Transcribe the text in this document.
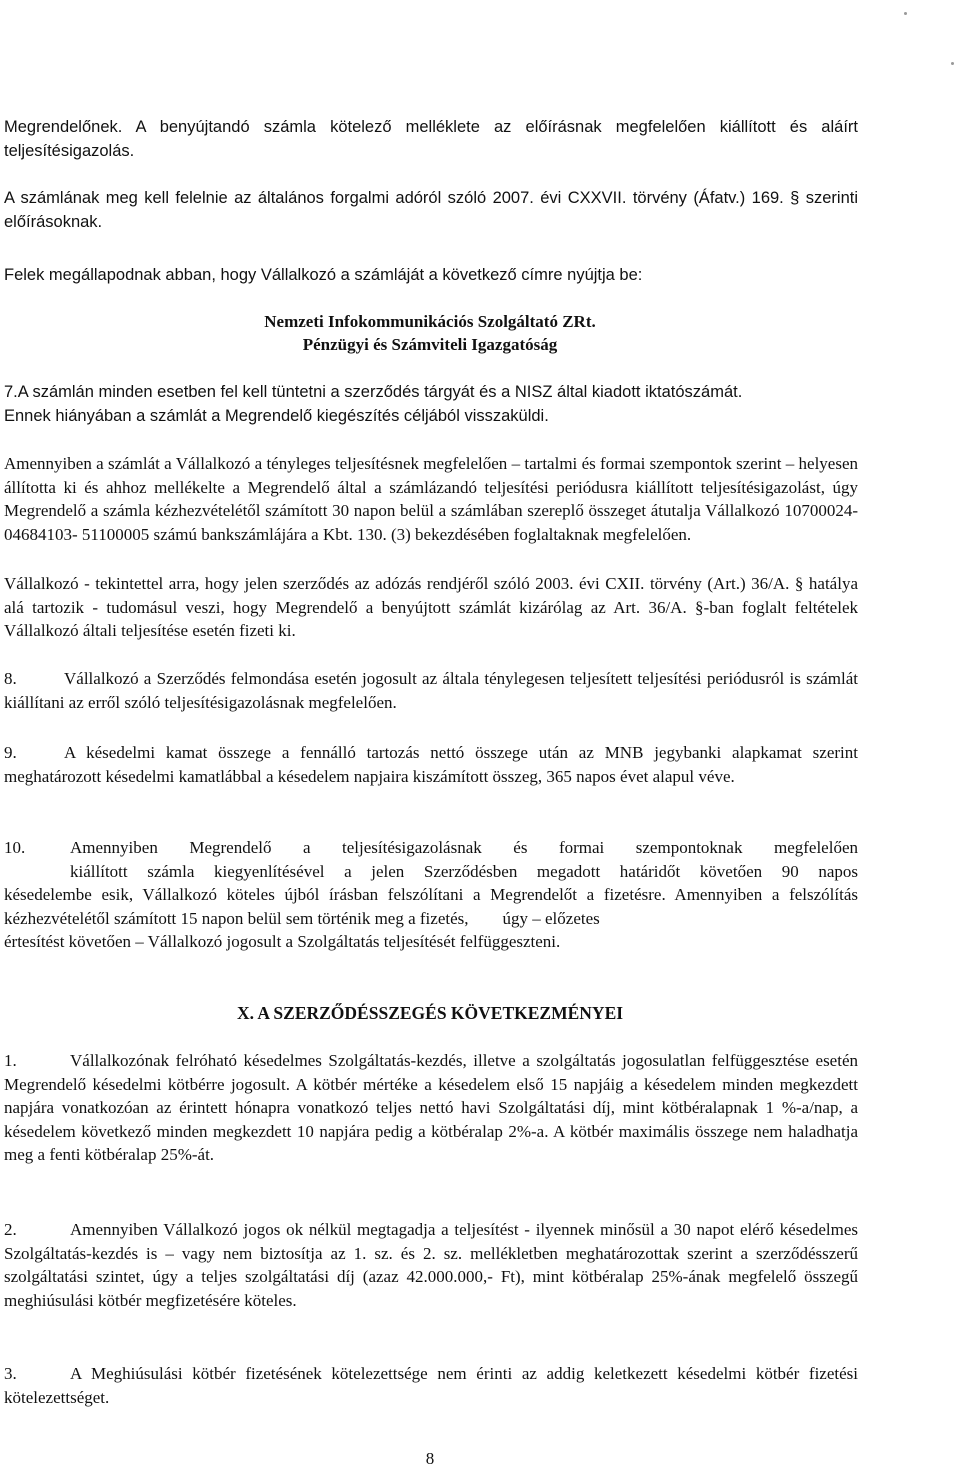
Megrendelőnek. A benyújtandó számla kötelező melléklete az előírásnak megfelelően kiállított és aláírt teljesítésigazolás.

A számlának meg kell felelnie az általános forgalmi adóról szóló 2007. évi CXXVII. törvény (Áfatv.) 169. § szerinti előírásoknak.

Felek megállapodnak abban, hogy Vállalkozó a számláját a következő címre nyújtja be:

Nemzeti Infokommunikációs Szolgáltató ZRt.
Pénzügyi és Számviteli Igazgatóság
7.A számlán minden esetben fel kell tüntetni a szerződés tárgyát és a NISZ által kiadott iktatószámát.
Ennek hiányában a számlát a Megrendelő kiegészítés céljából visszaküldi.

Amennyiben a számlát a Vállalkozó a tényleges teljesítésnek megfelelően – tartalmi és formai szempontok szerint – helyesen állította ki és ahhoz mellékelte a Megrendelő által a számlázandó teljesítési periódusra kiállított teljesítésigazolást, úgy Megrendelő a számla kézhezvételétől számított 30 napon belül a számlában szereplő összeget átutalja Vállalkozó 10700024-04684103- 51100005 számú bankszámlájára a Kbt. 130. (3) bekezdésében foglaltaknak megfelelően.

Vállalkozó - tekintettel arra, hogy jelen szerződés az adózás rendjéről szóló 2003. évi CXII. törvény (Art.) 36/A. § hatálya alá tartozik - tudomásul veszi, hogy Megrendelő a benyújtott számlát kizárólag az Art. 36/A. §-ban foglalt feltételek Vállalkozó általi teljesítése esetén fizeti ki.

8.	Vállalkozó a Szerződés felmondása esetén jogosult az általa ténylegesen teljesített teljesítési periódusról is számlát kiállítani az erről szóló teljesítésigazolásnak megfelelően.

9.	A késedelmi kamat összege a fennálló tartozás nettó összege után az MNB jegybanki alapkamat szerint meghatározott késedelmi kamatlábbal a késedelem napjaira kiszámított összeg, 365 napos évet alapul véve.

10.	Amennyiben Megrendelő a teljesítésigazolásnak és formai szempontoknak megfelelően
kiállított számla kiegyenlítésével a jelen Szerződésben megadott határidőt követően 90 napos
késedelembe esik, Vállalkozó köteles újból írásban felszólítani a Megrendelőt a fizetésre. Amennyiben a felszólítás kézhezvételétől számított 15 napon belül sem történik meg a fizetés, úgy – előzetes
értesítést követően – Vállalkozó jogosult a Szolgáltatás teljesítését felfüggeszteni.
X. A SZERZŐDÉSSZEGÉS KÖVETKEZMÉNYEI

1.	Vállalkozónak felróható késedelmes Szolgáltatás-kezdés, illetve a szolgáltatás jogosulatlan felfüggesztése esetén Megrendelő késedelmi kötbérre jogosult. A kötbér mértéke a késedelem első 15 napjáig a késedelem minden megkezdett napjára vonatkozóan az érintett hónapra vonatkozó teljes nettó havi Szolgáltatási díj, mint kötbéralapnak 1 %-a/nap, a késedelem következő minden megkezdett 10 napjára pedig a kötbéralap 2%-a. A kötbér maximális összege nem haladhatja meg a fenti kötbéralap 25%-át.

2.	Amennyiben Vállalkozó jogos ok nélkül megtagadja a teljesítést - ilyennek minősül a 30 napot elérő késedelmes Szolgáltatás-kezdés is – vagy nem biztosítja az 1. sz. és 2. sz. mellékletben meghatározottak szerint a szerződésszerű szolgáltatási szintet, úgy a teljes szolgáltatási díj (azaz 42.000.000,- Ft), mint kötbéralap 25%-ának megfelelő összegű meghiúsulási kötbér megfizetésére köteles.

3.	A Meghiúsulási kötbér fizetésének kötelezettsége nem érinti az addig keletkezett késedelmi kötbér fizetési kötelezettséget.

8
